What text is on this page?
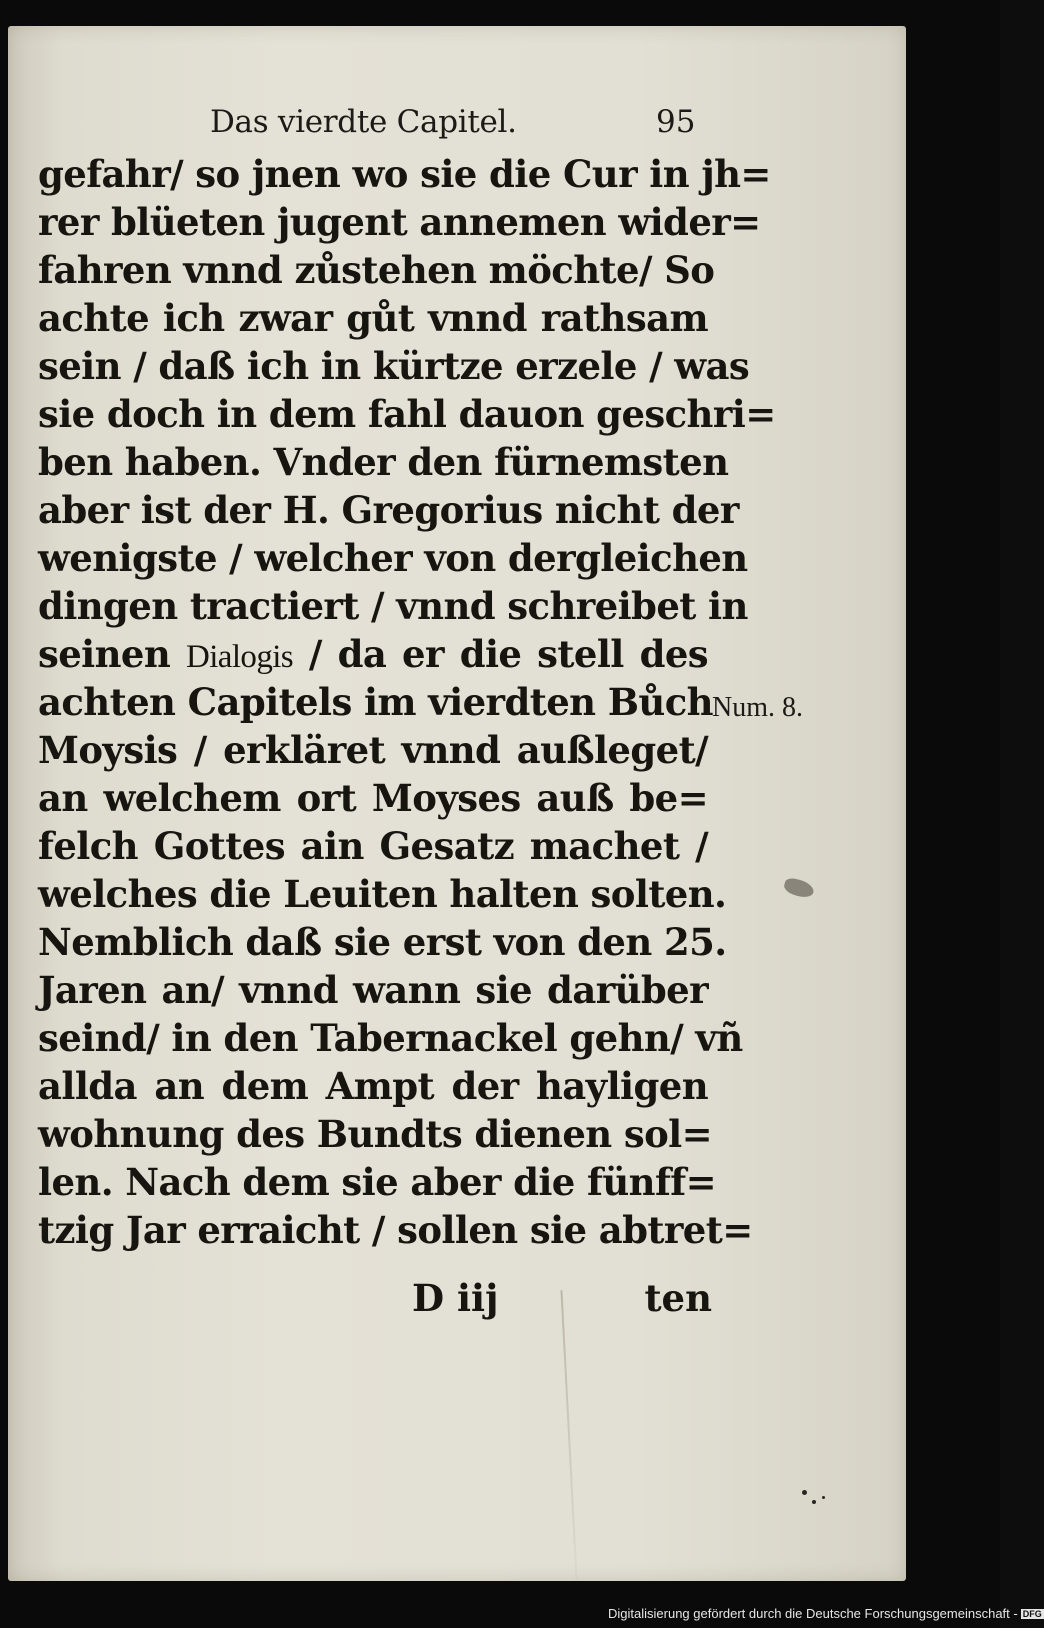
Das vierdte Capitel.	95
gefahr/ so jnen wo sie die Cur in jh=
rer blüeten jugent annemen wider=
fahren vnnd zůstehen möchte/ So
achte ich zwar gůt vnnd rathsam
sein / daß ich in kürtze erzele / was
sie doch in dem fahl dauon geschri=
ben haben. Vnder den fürnemsten
aber ist der H. Gregorius nicht der
wenigste / welcher von dergleichen
dingen tractiert / vnnd schreibet in
seinen Dialogis / da er die stell des
achten Capitels im vierdten Bůch
Moysis / erkläret vnnd außleget/
an welchem ort Moyses auß be=
felch Gottes ain Gesatz machet /
welches die Leuiten halten solten.
Nemblich daß sie erst von den 25.
Jaren an/ vnnd wann sie darüber
seind/ in den Tabernackel gehn/ vñ
allda an dem Ampt der hayligen
wohnung des Bundts dienen sol=
len. Nach dem sie aber die fünff=
tzig Jar erraicht / sollen sie abtret=
Num. 8.
D iij	ten
Digitalisierung gefördert durch die Deutsche Forschungsgemeinschaft - DFG
